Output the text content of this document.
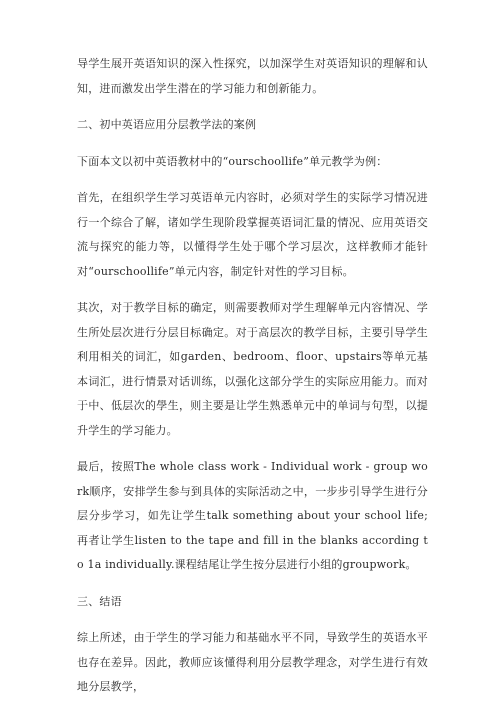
导学生展开英语知识的深入性探究，以加深学生对英语知识的理解和认知，进而激发出学生潜在的学习能力和创新能力。

二、初中英语应用分层教学法的案例

下面本文以初中英语教材中的“ourschoollife”单元教学为例：

首先，在组织学生学习英语单元内容时，必须对学生的实际学习情况进行一个综合了解，诸如学生现阶段掌握英语词汇量的情况、应用英语交流与探究的能力等，以懂得学生处于哪个学习层次，这样教师才能针对“ourschoollife”单元内容，制定针对性的学习目标。

其次，对于教学目标的确定，则需要教师对学生理解单元内容情况、学生所处层次进行分层目标确定。对于高层次的教学目标，主要引导学生利用相关的词汇，如garden、bedroom、floor、upstairs等单元基本词汇，进行情景对话训练，以强化这部分学生的实际应用能力。而对于中、低层次的學生，则主要是让学生熟悉单元中的单词与句型，以提升学生的学习能力。

最后，按照The whole class work - Individual work - group work顺序，安排学生参与到具体的实际活动之中，一步步引导学生进行分层分步学习，如先让学生talk something about your school life;再者让学生listen to the tape and fill in the blanks according to 1a individually.课程结尾让学生按分层进行小组的groupwork。

三、结语

综上所述，由于学生的学习能力和基础水平不同，导致学生的英语水平也存在差异。因此，教师应该懂得利用分层教学理念，对学生进行有效地分层教学，
